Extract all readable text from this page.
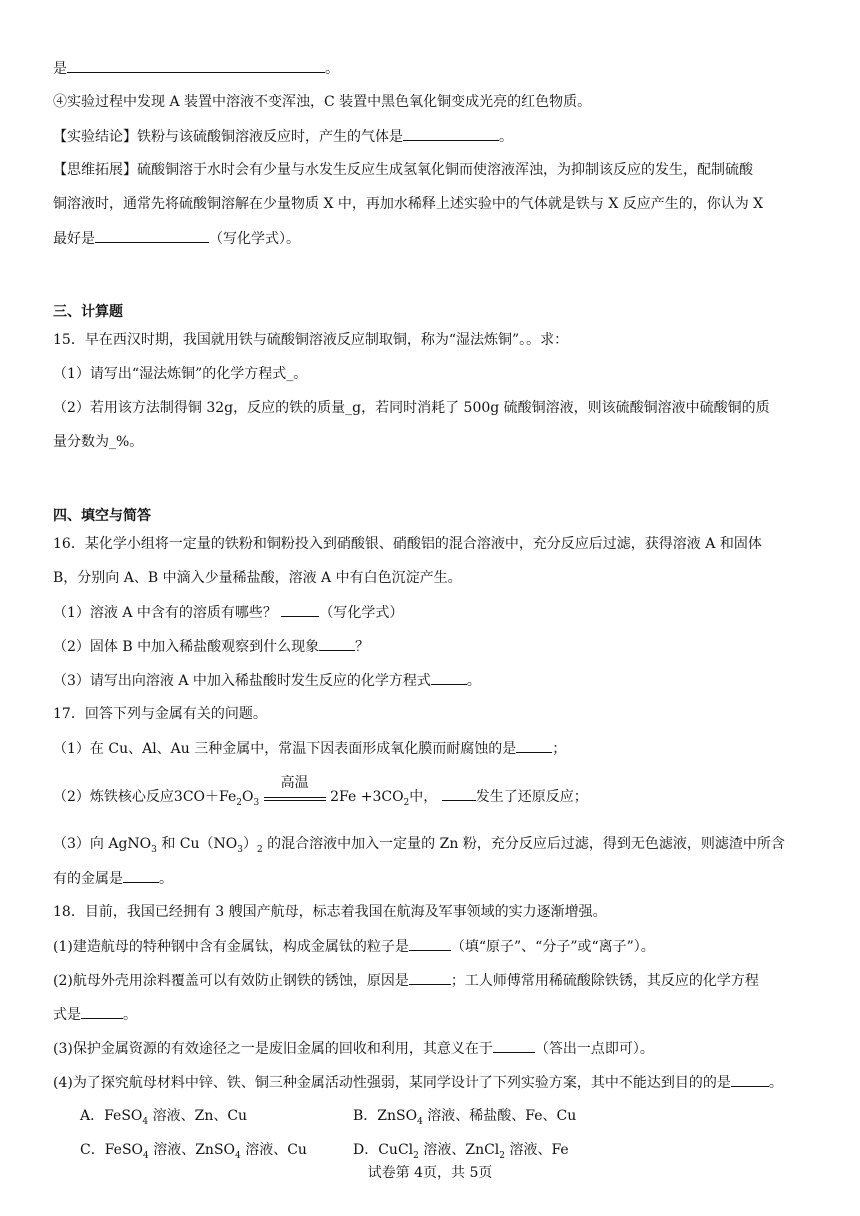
是	。
④实验过程中发现 A 装置中溶液不变浑浊，C 装置中黑色氧化铜变成光亮的红色物质。
【实验结论】铁粉与该硫酸铜溶液反应时，产生的气体是	。
【思维拓展】硫酸铜溶于水时会有少量与水发生反应生成氢氧化铜而使溶液浑浊，为抑制该反应的发生，配制硫酸
铜溶液时，通常先将硫酸铜溶解在少量物质 X 中，再加水稀释上述实验中的气体就是铁与 X 反应产生的，你认为 X
最好是	（写化学式）。
三、计算题
15．早在西汉时期，我国就用铁与硫酸铜溶液反应制取铜，称为“湿法炼铜”。。求：
（1）请写出“湿法炼铜”的化学方程式_。
（2）若用该方法制得铜 32g，反应的铁的质量_g，若同时消耗了 500g 硫酸铜溶液，则该硫酸铜溶液中硫酸铜的质
量分数为_%。
四、填空与简答
16．某化学小组将一定量的铁粉和铜粉投入到硝酸银、硝酸铝的混合溶液中，充分反应后过滤，获得溶液 A 和固体
B，分别向 A、B 中滴入少量稀盐酸，溶液 A 中有白色沉淀产生。
（1）溶液 A 中含有的溶质有哪些？	（写化学式）
（2）固体 B 中加入稀盐酸观察到什么现象	？
（3）请写出向溶液 A 中加入稀盐酸时发生反应的化学方程式	。
17．回答下列与金属有关的问题。
（1）在 Cu、Al、Au 三种金属中，常温下因表面形成氧化膜而耐腐蚀的是	；
（2）炼铁核心反应$3CO+Fe_2O_3$
高温
$2Fe +3CO_2$中，	发生了还原反应；
（3）向 AgNO$_3$ 和 $Cu(NO_3)_2$ 的混合溶液中加入一定量的 Zn 粉，充分反应后过滤，得到无色滤液，则滤渣中所含
有的金属是	。
18．目前，我国已经拥有 3 艘国产航母，标志着我国在航海及军事领域的实力逐渐增强。
(1)建造航母的特种钢中含有金属钛，构成金属钛的粒子是	（填“原子”、“分子”或“离子”）。
(2)航母外壳用涂料覆盖可以有效防止钢铁的锈蚀，原因是	；工人师傅常用稀硫酸除铁锈，其反应的化学方程
式是	。
(3)保护金属资源的有效途径之一是废旧金属的回收和利用，其意义在于	（答出一点即可）。
(4)为了探究航母材料中锌、铁、铜三种金属活动性强弱，某同学设计了下列实验方案，其中不能达到目的的是	。
A．FeSO$_4$ 溶液、Zn、Cu	B．ZnSO$_4$ 溶液、稀盐酸、Fe、Cu
C．FeSO$_4$ 溶液、ZnSO$_4$ 溶液、Cu	D．CuCl$_2$ 溶液、ZnCl$_2$ 溶液、Fe
试卷第 4页，共 5页
